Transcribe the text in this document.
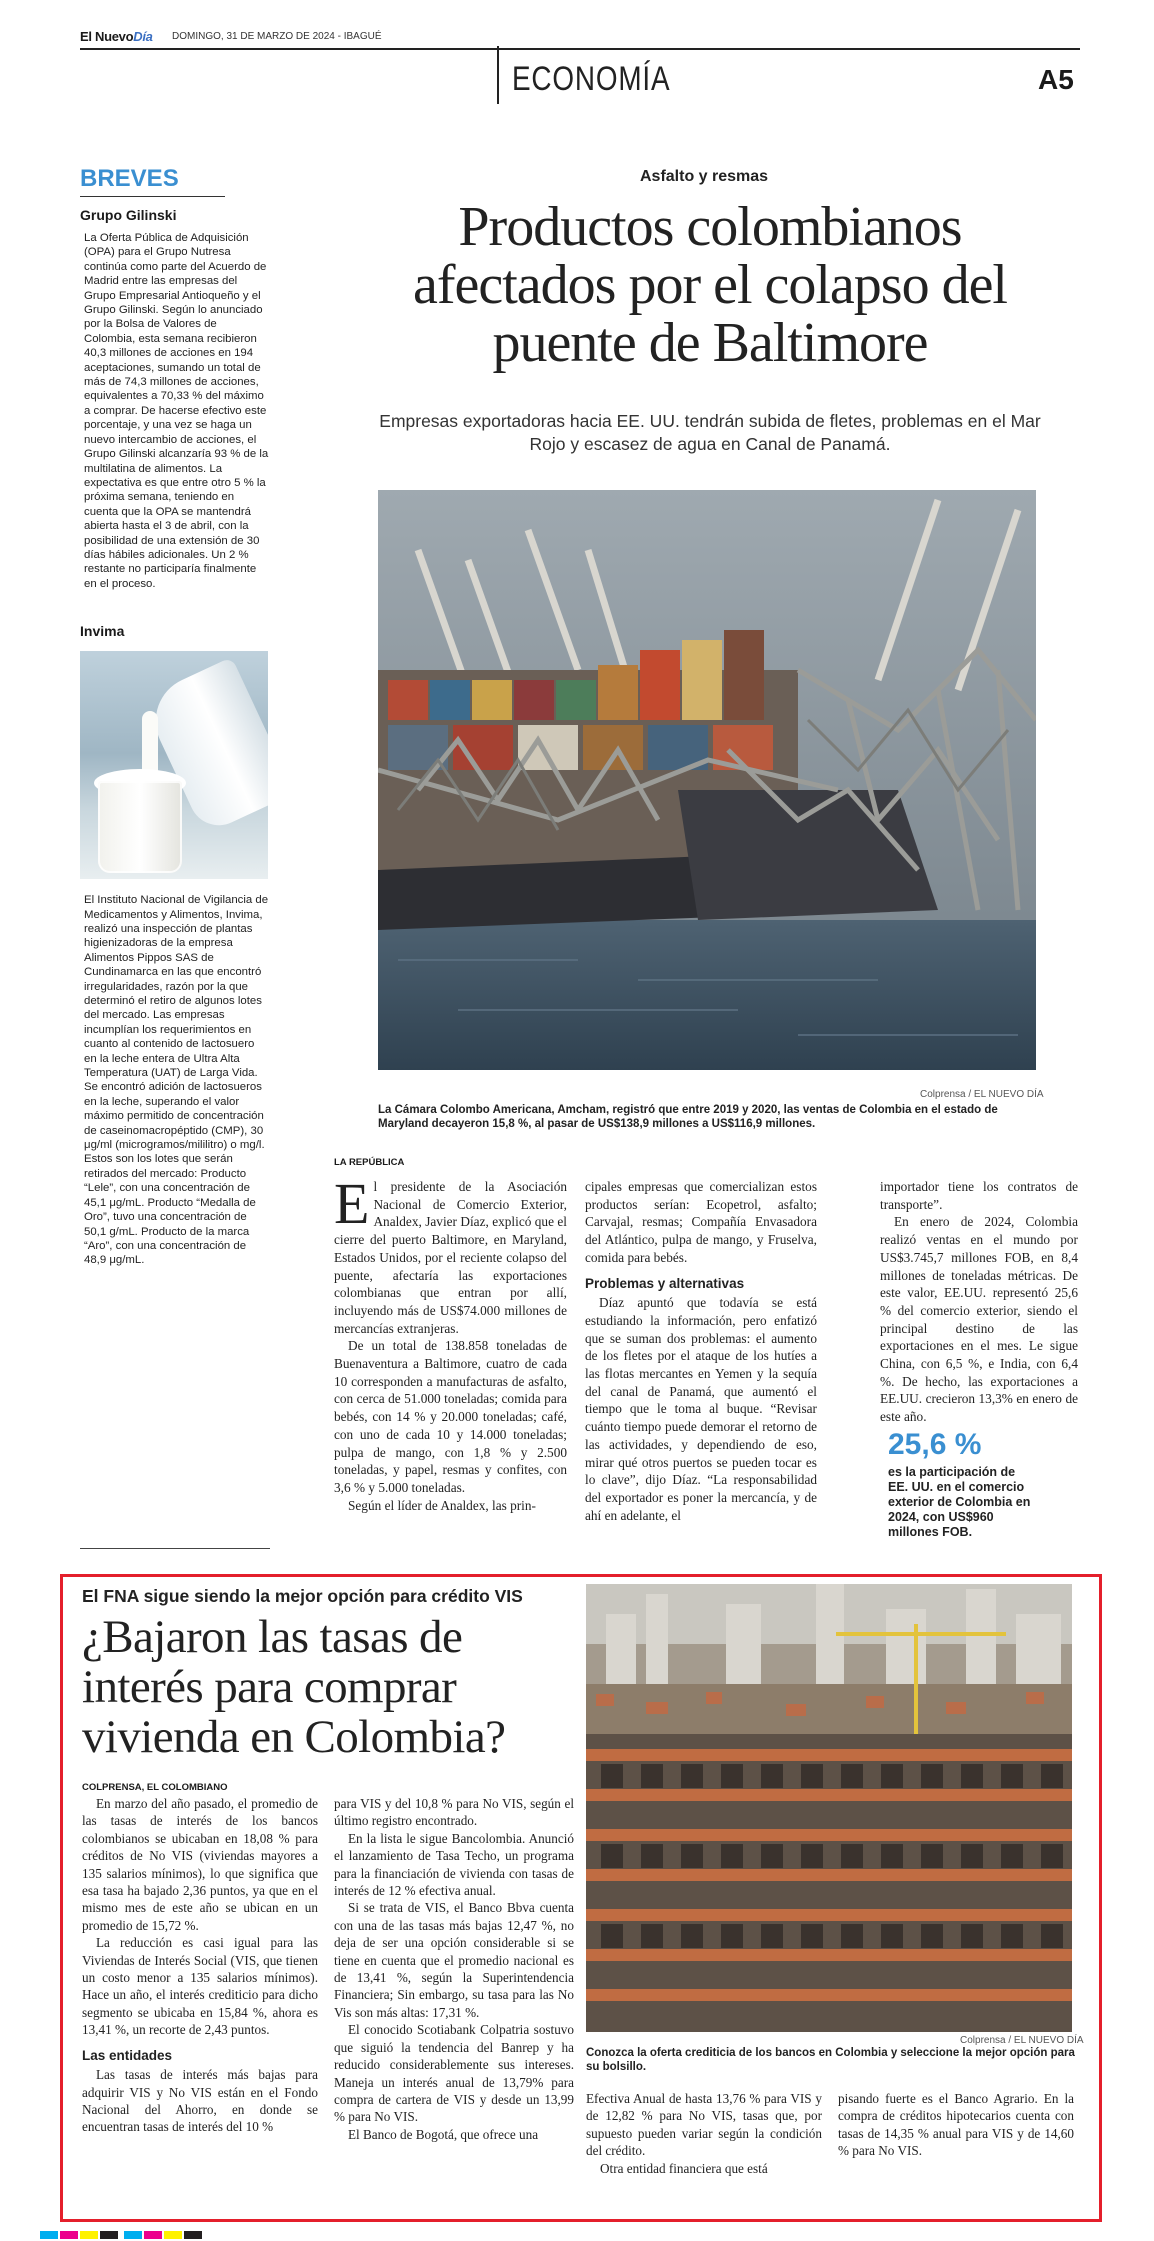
El NuevoDía DOMINGO, 31 DE MARZO DE 2024 - IBAGUÉ
ECONOMÍA	A5
BREVES
Grupo Gilinski
La Oferta Pública de Adquisición (OPA) para el Grupo Nutresa continúa como parte del Acuerdo de Madrid entre las empresas del Grupo Empresarial Antioqueño y el Grupo Gilinski. Según lo anunciado por la Bolsa de Valores de Colombia, esta semana recibieron 40,3 millones de acciones en 194 aceptaciones, sumando un total de más de 74,3 millones de acciones, equivalentes a 70,33 % del máximo a comprar. De hacerse efectivo este porcentaje, y una vez se haga un nuevo intercambio de acciones, el Grupo Gilinski alcanzaría 93 % de la multilatina de alimentos. La expectativa es que entre otro 5 % la próxima semana, teniendo en cuenta que la OPA se mantendrá abierta hasta el 3 de abril, con la posibilidad de una extensión de 30 días hábiles adicionales. Un 2 % restante no participaría finalmente en el proceso.
Invima
El Instituto Nacional de Vigilancia de Medicamentos y Alimentos, Invima, realizó una inspección de plantas higienizadoras de la empresa Alimentos Pippos SAS de Cundinamarca en las que encontró irregularidades, razón por la que determinó el retiro de algunos lotes del mercado. Las empresas incumplían los requerimientos en cuanto al contenido de lactosuero en la leche entera de Ultra Alta Temperatura (UAT) de Larga Vida. Se encontró adición de lactosueros en la leche, superando el valor máximo permitido de concentración de caseinomacropéptido (CMP), 30 μg/ml (microgramos/mililitro) o mg/l. Estos son los lotes que serán retirados del mercado: Producto “Lele”, con una concentración de 45,1 μg/mL. Producto “Medalla de Oro”, tuvo una concentración de 50,1 g/mL. Producto de la marca “Aro”, con una concentración de 48,9 μg/mL.
Asfalto y resmas
Productos colombianos afectados por el colapso del puente de Baltimore
Empresas exportadoras hacia EE. UU. tendrán subida de fletes, problemas en el Mar Rojo y escasez de agua en Canal de Panamá.
Colprensa / EL NUEVO DÍA
La Cámara Colombo Americana, Amcham, registró que entre 2019 y 2020, las ventas de Colombia en el estado de Maryland decayeron 15,8 %, al pasar de US$138,9 millones a US$116,9 millones.
LA REPÚBLICA
El presidente de la Asociación Nacional de Comercio Exterior, Analdex, Javier Díaz, explicó que el cierre del puerto Baltimore, en Maryland, Estados Unidos, por el reciente colapso del puente, afectaría las exportaciones colombianas que entran por allí, incluyendo más de US$74.000 millones de mercancías extranjeras.
De un total de 138.858 toneladas de Buenaventura a Baltimore, cuatro de cada 10 corresponden a manufacturas de asfalto, con cerca de 51.000 toneladas; comida para bebés, con 14 % y 20.000 toneladas; café, con uno de cada 10 y 14.000 toneladas; pulpa de mango, con 1,8 % y 2.500 toneladas, y papel, resmas y confites, con 3,6 % y 5.000 toneladas.
Según el líder de Analdex, las prin-
cipales empresas que comercializan estos productos serían: Ecopetrol, asfalto; Carvajal, resmas; Compañía Envasadora del Atlántico, pulpa de mango, y Fruselva, comida para bebés.
Problemas y alternativas
Díaz apuntó que todavía se está estudiando la información, pero enfatizó que se suman dos problemas: el aumento de los fletes por el ataque de los hutíes a las flotas mercantes en Yemen y la sequía del canal de Panamá, que aumentó el tiempo que le toma al buque. “Revisar cuánto tiempo puede demorar el retorno de las actividades, y dependiendo de eso, mirar qué otros puertos se pueden tocar es lo clave”, dijo Díaz. “La responsabilidad del exportador es poner la mercancía, y de ahí en adelante, el
importador tiene los contratos de transporte”.
En enero de 2024, Colombia realizó ventas en el mundo por US$3.745,7 millones FOB, en 8,4 millones de toneladas métricas. De este valor, EE.UU. representó 25,6 % del comercio exterior, siendo el principal destino de las exportaciones en el mes. Le sigue China, con 6,5 %, e India, con 6,4 %. De hecho, las exportaciones a EE.UU. crecieron 13,3% en enero de este año.
25,6 %
es la participación de EE. UU. en el comercio exterior de Colombia en 2024, con US$960 millones FOB.
El FNA sigue siendo la mejor opción para crédito VIS
¿Bajaron las tasas de interés para comprar vivienda en Colombia?
COLPRENSA, EL COLOMBIANO
En marzo del año pasado, el promedio de las tasas de interés de los bancos colombianos se ubicaban en 18,08 % para créditos de No VIS (viviendas mayores a 135 salarios mínimos), lo que significa que esa tasa ha bajado 2,36 puntos, ya que en el mismo mes de este año se ubican en un promedio de 15,72 %.
La reducción es casi igual para las Viviendas de Interés Social (VIS, que tienen un costo menor a 135 salarios mínimos). Hace un año, el interés crediticio para dicho segmento se ubicaba en 15,84 %, ahora es 13,41 %, un recorte de 2,43 puntos.
Las entidades
Las tasas de interés más bajas para adquirir VIS y No VIS están en el Fondo Nacional del Ahorro, en donde se encuentran tasas de interés del 10 %
para VIS y del 10,8 % para No VIS, según el último registro encontrado.
En la lista le sigue Bancolombia. Anunció el lanzamiento de Tasa Techo, un programa para la financiación de vivienda con tasas de interés de 12 % efectiva anual.
Si se trata de VIS, el Banco Bbva cuenta con una de las tasas más bajas 12,47 %, no deja de ser una opción considerable si se tiene en cuenta que el promedio nacional es de 13,41 %, según la Superintendencia Financiera; Sin embargo, su tasa para las No Vis son más altas: 17,31 %.
El conocido Scotiabank Colpatria sostuvo que siguió la tendencia del Banrep y ha reducido considerablemente sus intereses. Maneja un interés anual de 13,79% para compra de cartera de VIS y desde un 13,99 % para No VIS.
El Banco de Bogotá, que ofrece una
Colprensa / EL NUEVO DÍA
Conozca la oferta crediticia de los bancos en Colombia y seleccione la mejor opción para su bolsillo.
Efectiva Anual de hasta 13,76 % para VIS y de 12,82 % para No VIS, tasas que, por supuesto pueden variar según la condición del crédito.
Otra entidad financiera que está
pisando fuerte es el Banco Agrario. En la compra de créditos hipotecarios cuenta con tasas de 14,35 % anual para VIS y de 14,60 % para No VIS.
